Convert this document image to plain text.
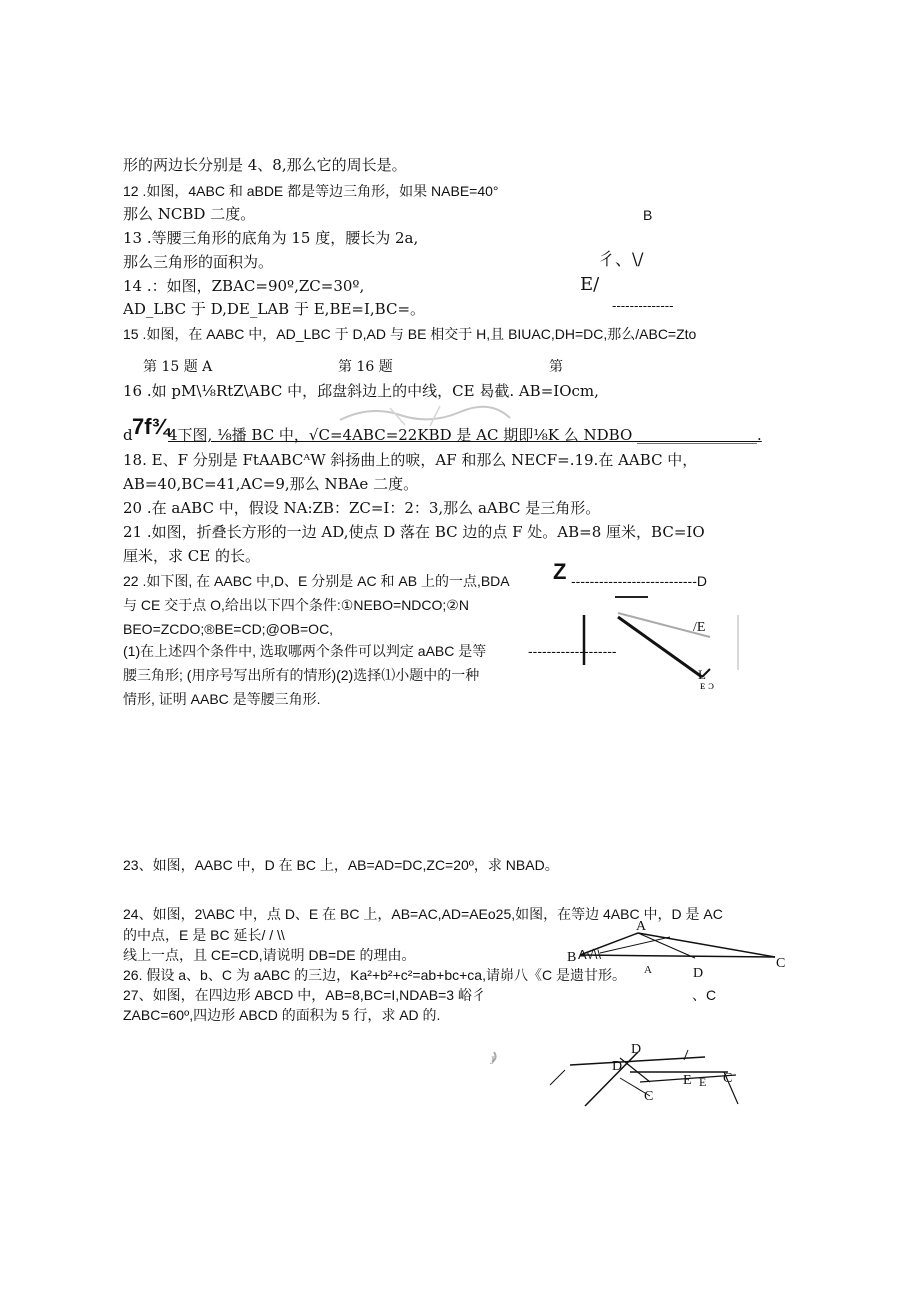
形的两边长分别是 4、8,那么它的周长是。
12 .如图，4ABC 和 aBDE 都是等边三角形，如果 NABE=40°
那么 NCBD 二度。	B
13 .等腰三角形的底角为 15 度，腰长为 2a,
那么三角形的面积为。	彳、\/
14 .：如图，ZBAC=90º,ZC=30º,	E/
AD_LBC 于 D,DE_LAB 于 E,BE=I,BC=。	--------------
15 .如图，在 AABC 中，AD_LBC 于 D,AD 与 BE 相交于 H,且 BIUAC,DH=DC,那么/ABC=Zto
第 15 题 A	第 16 题	第
16 .如 pM\⅛RtZ\ABC 中，邱盘斜边上的中线，CE 曷截. AB=IOcm,
d 7f¾
4下图, ⅛播 BC 中，√C=4ABC=22KBD 是 AC 期即⅛K 么 NDBO ________________.
18. E、F 分别是 FtAABCᴬW 斜扬曲上的唳，AF 和那么 NECF=.19.在 AABC 中，
AB=40,BC=41,AC=9,那么 NBAe 二度。
20 .在 aABC 中，假设 NA:ZB：ZC=I：2：3,那么 aABC 是三角形。
21 .如图，折叠长方形的一边 AD,使点 D 落在 BC 边的点 F 处。AB=8 厘米，BC=IO
厘米，求 CE 的长。
22 .如下图, 在 AABC 中,D、E 分别是 AC 和 AB 上的一点,BDA Z ---------------------------D
与 CE 交于点 O,给出以下四个条件:①NEBO=NDCO;②N
BEO=ZCDO;®BE=CD;@OB=OC,
(1)在上述四个条件中, 选取哪两个条件可以判定 aABC 是等	-------------------
腰三角形; (用序号写出所有的情形)(2)选择⑴小题中的一种
情形, 证明 AABC 是等腰三角形.
/E
L
ᴇ ᴐ
23、如图，AABC 中，D 在 BC 上，AB=AD=DC,ZC=20º，求 NBAD。
24、如图，2\ABC 中，点 D、E 在 BC 上，AB=AC,AD=AEo25,如图，在等边 4ABC 中，D 是 AC
的中点，E 是 BC 延长/ / \\
线上一点，且 CE=CD,请说明 DB=DE 的理由。
A
B	C
D
A
A√\\
26. 假设 a、b、C 为 aABC 的三边，Ka²+b²+c²=ab+bc+ca,请峁八《C 是遗甘形。
27、如图，在四边形 ABCD 中，AB=8,BC=I,NDAB=3 峪彳	、C
ZABC=60º,四边形 ABCD 的面积为 5 行，求 AD 的.
D
D
E E C
C
J
